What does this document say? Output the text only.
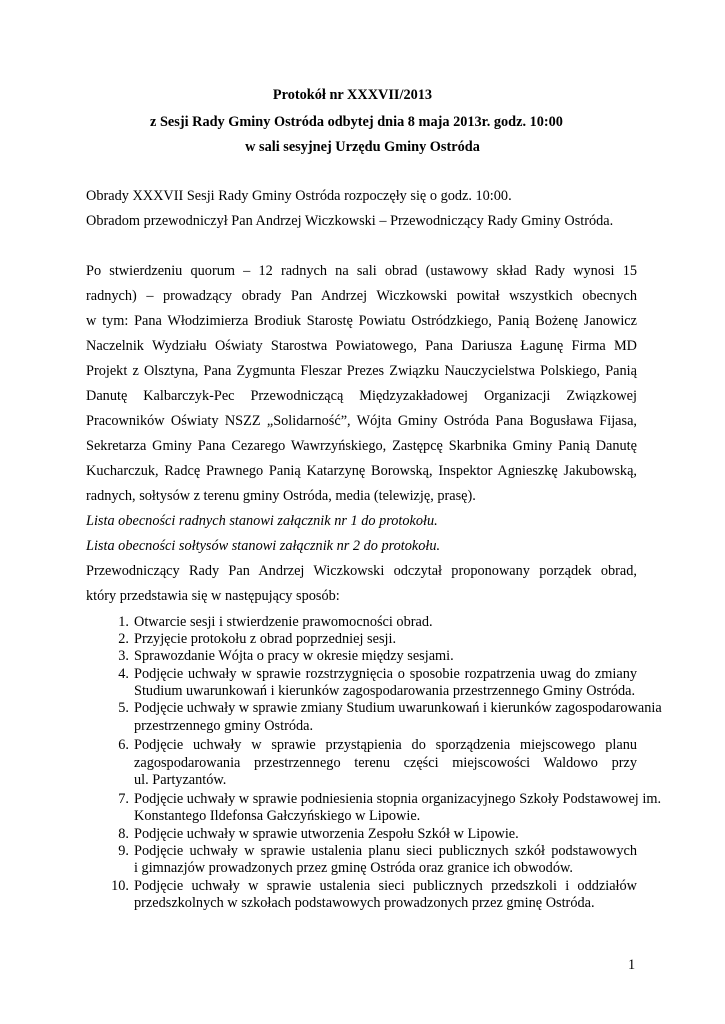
Protokół nr XXXVII/2013
z Sesji Rady Gminy Ostróda odbytej dnia 8 maja 2013r. godz. 10:00
w sali sesyjnej Urzędu Gminy Ostróda
Obrady XXXVII Sesji Rady Gminy Ostróda rozpoczęły się o godz. 10:00.
Obradom przewodniczył Pan Andrzej Wiczkowski – Przewodniczący Rady Gminy Ostróda.
Po stwierdzeniu quorum – 12 radnych na sali obrad (ustawowy skład Rady wynosi 15
radnych) – prowadzący obrady Pan Andrzej Wiczkowski powitał wszystkich obecnych
w tym: Pana Włodzimierza Brodiuk Starostę Powiatu Ostródzkiego, Panią Bożenę Janowicz
Naczelnik Wydziału Oświaty Starostwa Powiatowego, Pana Dariusza Łagunę Firma MD
Projekt z Olsztyna, Pana Zygmunta Fleszar Prezes Związku Nauczycielstwa Polskiego, Panią
Danutę Kalbarczyk-Pec Przewodniczącą Międzyzakładowej Organizacji Związkowej
Pracowników Oświaty NSZZ „Solidarność”, Wójta Gminy Ostróda Pana Bogusława Fijasa,
Sekretarza Gminy Pana Cezarego Wawrzyńskiego, Zastępcę Skarbnika Gminy Panią Danutę
Kucharczuk, Radcę Prawnego Panią Katarzynę Borowską, Inspektor Agnieszkę Jakubowską,
radnych, sołtysów z terenu gminy Ostróda, media (telewizję, prasę).
Lista obecności radnych stanowi załącznik nr 1 do protokołu.
Lista obecności sołtysów stanowi załącznik nr 2 do protokołu.
Przewodniczący Rady Pan Andrzej Wiczkowski odczytał proponowany porządek obrad,
który przedstawia się w następujący sposób:
1. Otwarcie sesji i stwierdzenie prawomocności obrad.
2. Przyjęcie protokołu z obrad poprzedniej sesji.
3. Sprawozdanie Wójta o pracy w okresie między sesjami.
4. Podjęcie uchwały w sprawie rozstrzygnięcia o sposobie rozpatrzenia uwag do zmiany
Studium uwarunkowań i kierunków zagospodarowania przestrzennego Gminy Ostróda.
5. Podjęcie uchwały w sprawie zmiany Studium uwarunkowań i kierunków zagospodarowania
przestrzennego gminy Ostróda.
6. Podjęcie uchwały w sprawie przystąpienia do sporządzenia miejscowego planu
zagospodarowania przestrzennego terenu części miejscowości Waldowo przy
ul. Partyzantów.
7. Podjęcie uchwały w sprawie podniesienia stopnia organizacyjnego Szkoły Podstawowej im.
Konstantego Ildefonsa Gałczyńskiego w Lipowie.
8. Podjęcie uchwały w sprawie utworzenia Zespołu Szkół w Lipowie.
9. Podjęcie uchwały w sprawie ustalenia planu sieci publicznych szkół podstawowych
i gimnazjów prowadzonych przez gminę Ostróda oraz granice ich obwodów.
10. Podjęcie uchwały w sprawie ustalenia sieci publicznych przedszkoli i oddziałów
przedszkolnych w szkołach podstawowych prowadzonych przez gminę Ostróda.
1
